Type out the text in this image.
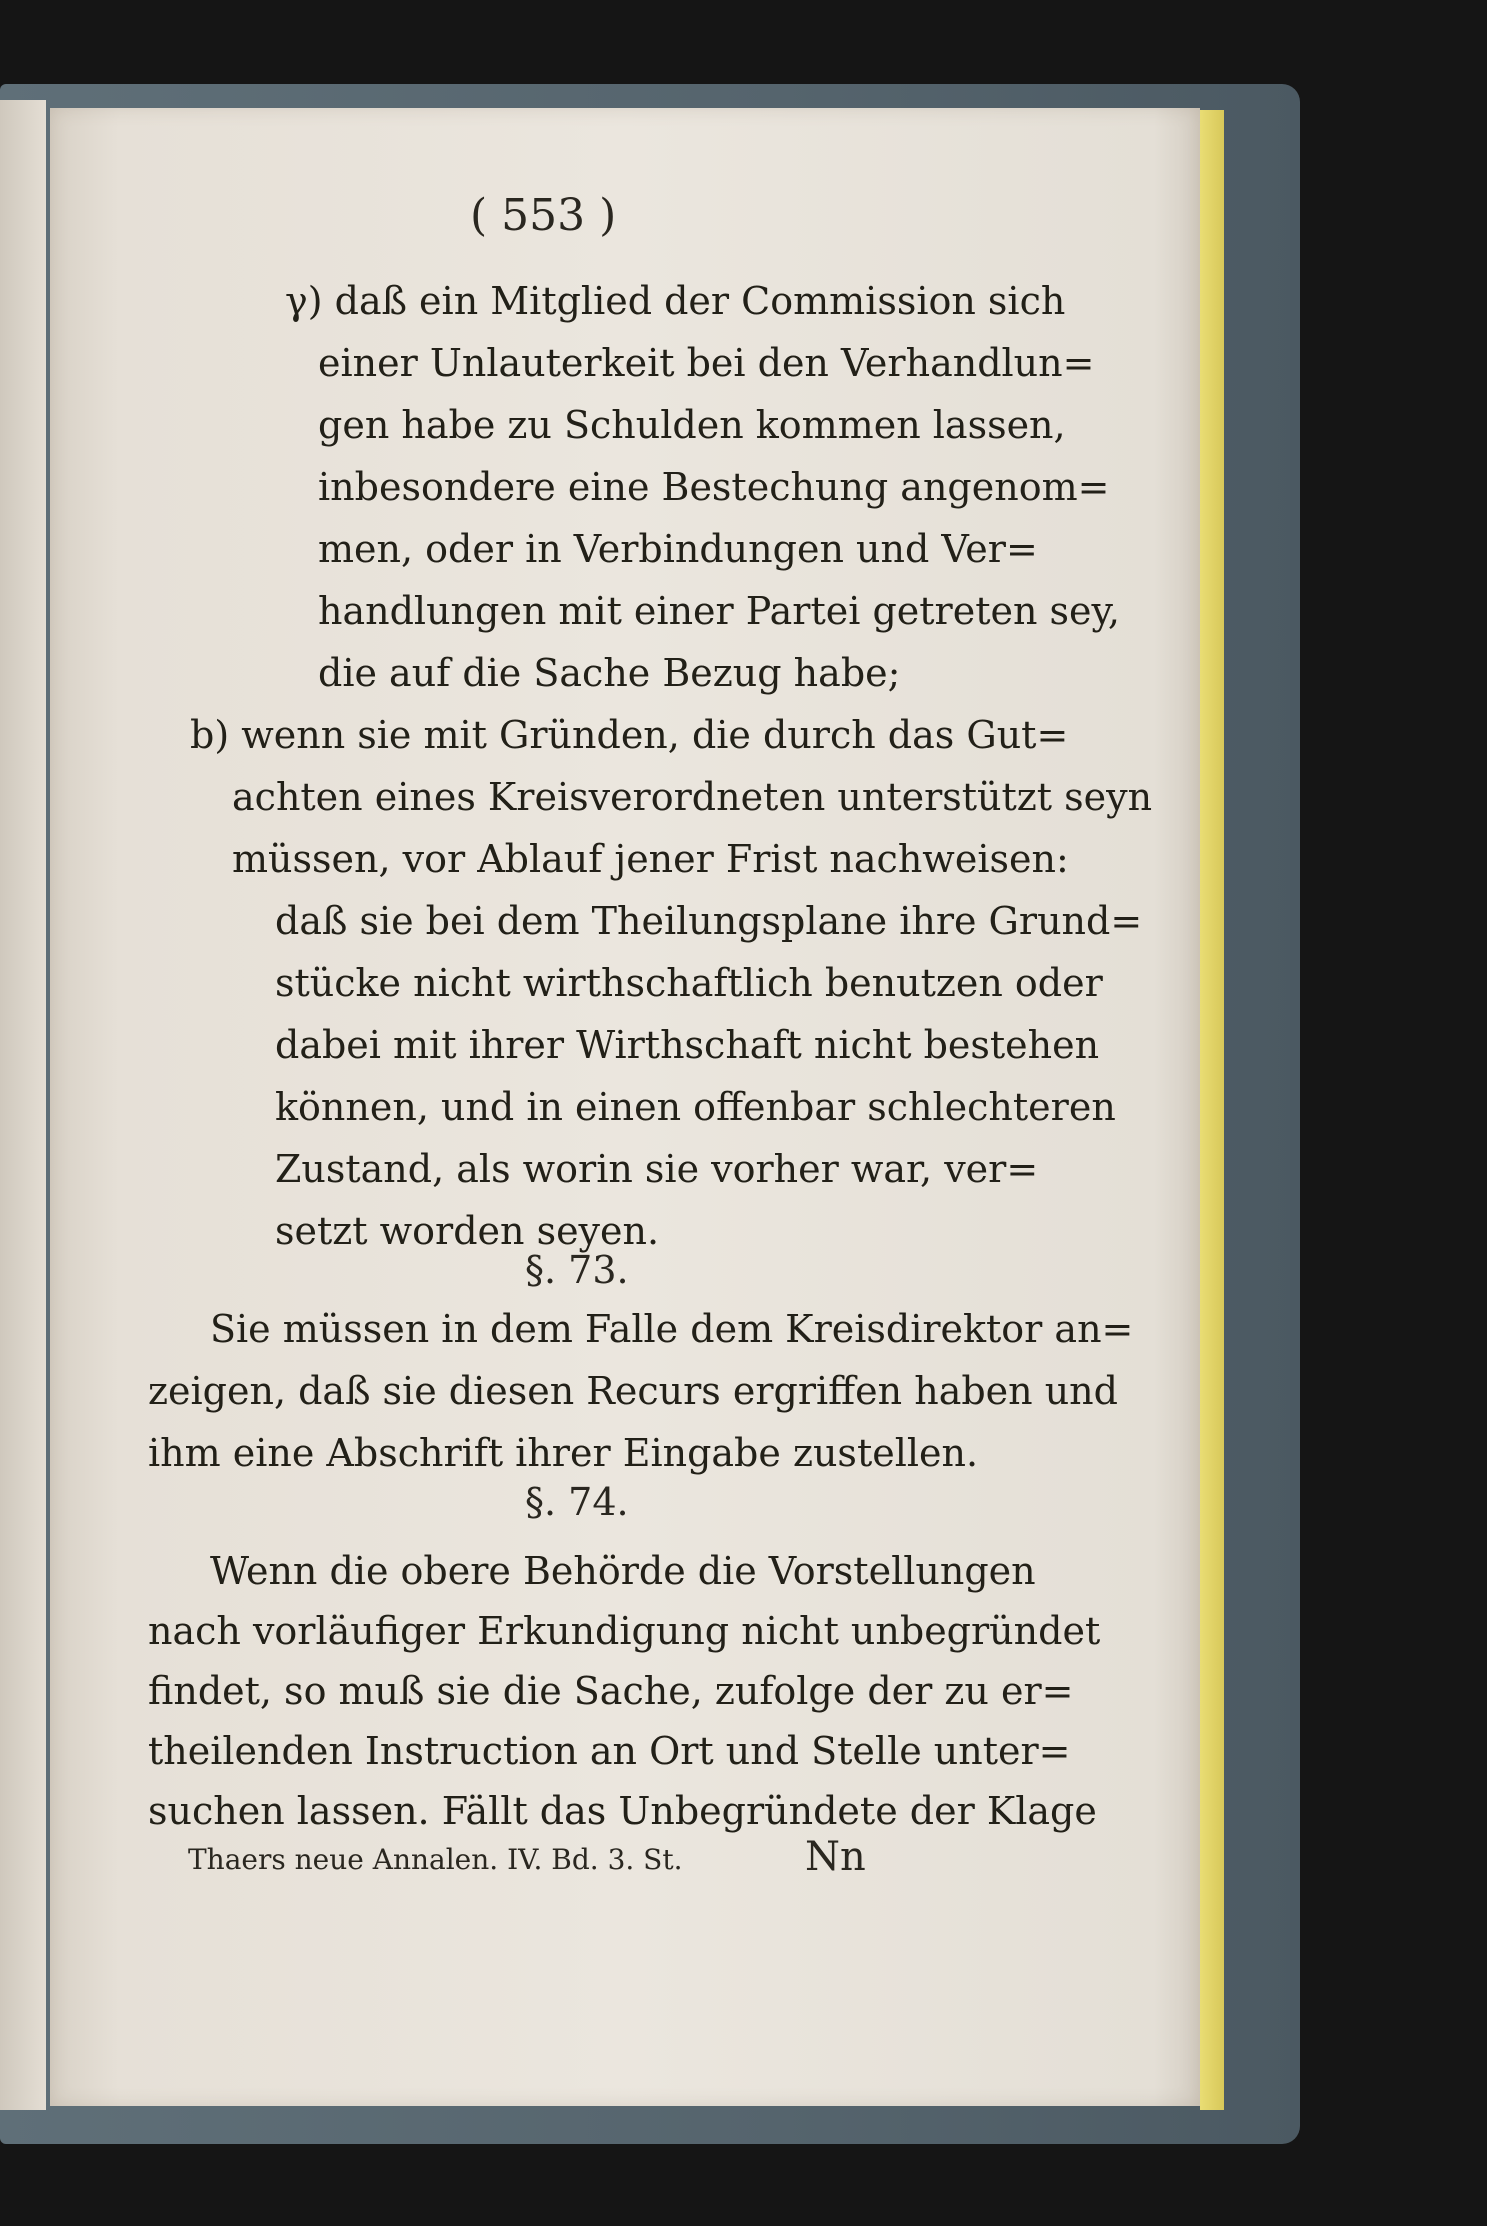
( 553 )
γ) daß ein Mitglied der Commission sich
einer Unlauterkeit bei den Verhandlun=
gen habe zu Schulden kommen lassen,
inbesondere eine Bestechung angenom=
men, oder in Verbindungen und Ver=
handlungen mit einer Partei getreten sey,
die auf die Sache Bezug habe;
b) wenn sie mit Gründen, die durch das Gut=
achten eines Kreisverordneten unterstützt seyn
müssen, vor Ablauf jener Frist nachweisen:
daß sie bei dem Theilungsplane ihre Grund=
stücke nicht wirthschaftlich benutzen oder
dabei mit ihrer Wirthschaft nicht bestehen
können, und in einen offenbar schlechteren
Zustand, als worin sie vorher war, ver=
setzt worden seyen.
§. 73.
Sie müssen in dem Falle dem Kreisdirektor an=
zeigen, daß sie diesen Recurs ergriffen haben und
ihm eine Abschrift ihrer Eingabe zustellen.
§. 74.
Wenn die obere Behörde die Vorstellungen
nach vorläufiger Erkundigung nicht unbegründet
findet, so muß sie die Sache, zufolge der zu er=
theilenden Instruction an Ort und Stelle unter=
suchen lassen. Fällt das Unbegründete der Klage
Thaers neue Annalen. IV. Bd. 3. St.	Nn
